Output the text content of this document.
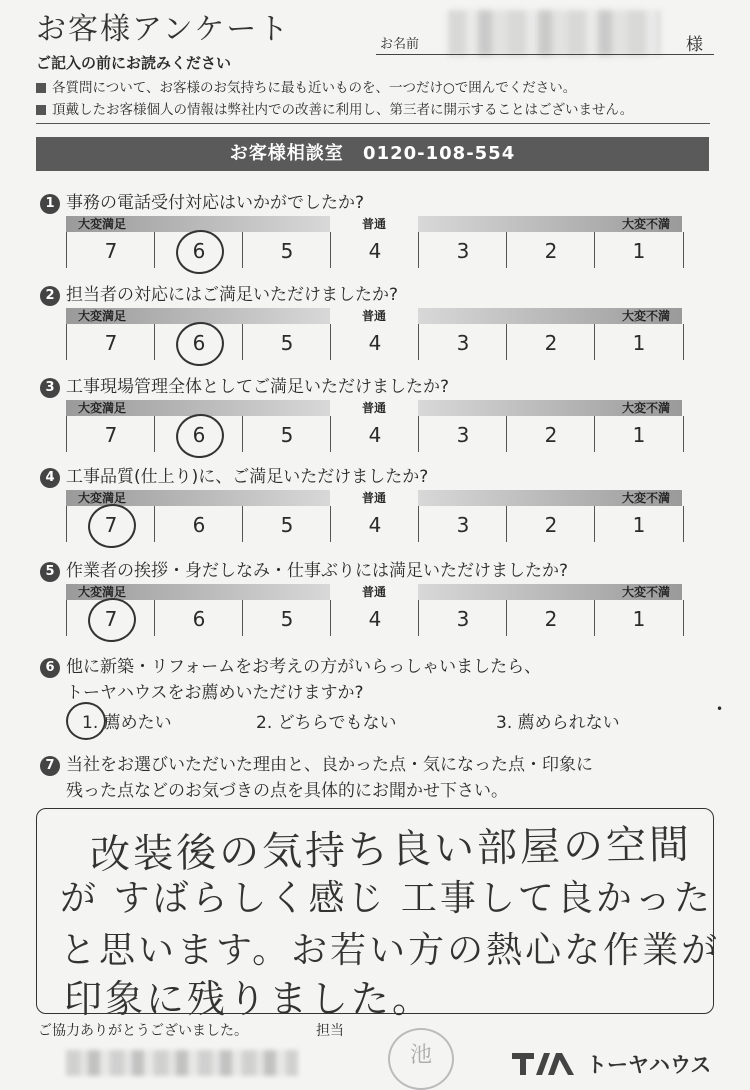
お客様アンケート	お名前	様
ご記入の前にお読みください
各質問について、お客様のお気持ちに最も近いものを、一つだけ○で囲んでください。
頂戴したお客様個人の情報は弊社内での改善に利用し、第三者に開示することはございません。
お客様相談室 0120-108-554
1 事務の電話受付対応はいかがでしたか?
大変満足	普通	大変不満
7	6	5	4	3	2	1
2 担当者の対応にはご満足いただけましたか?
大変満足	普通	大変不満
7	6	5	4	3	2	1
3 工事現場管理全体としてご満足いただけましたか?
大変満足	普通	大変不満
7	6	5	4	3	2	1
4 工事品質(仕上り)に、ご満足いただけましたか?
大変満足	普通	大変不満
7	6	5	4	3	2	1
5 作業者の挨拶・身だしなみ・仕事ぶりには満足いただけましたか?
大変満足	普通	大変不満
7	6	5	4	3	2	1
6 他に新築・リフォームをお考えの方がいらっしゃいましたら、
トーヤハウスをお薦めいただけますか?
1. 薦めたい	2. どちらでもない	3. 薦められない
•
7 当社をお選びいただいた理由と、良かった点・気になった点・印象に
残った点などのお気づきの点を具体的にお聞かせ下さい。
改装後の気持ち良い部屋の空間
が すばらしく感じ 工事して良かった
と思います。お若い方の熱心な作業が
印象に残りました。
ご協力ありがとうございました。	担当
池	トーヤハウス
